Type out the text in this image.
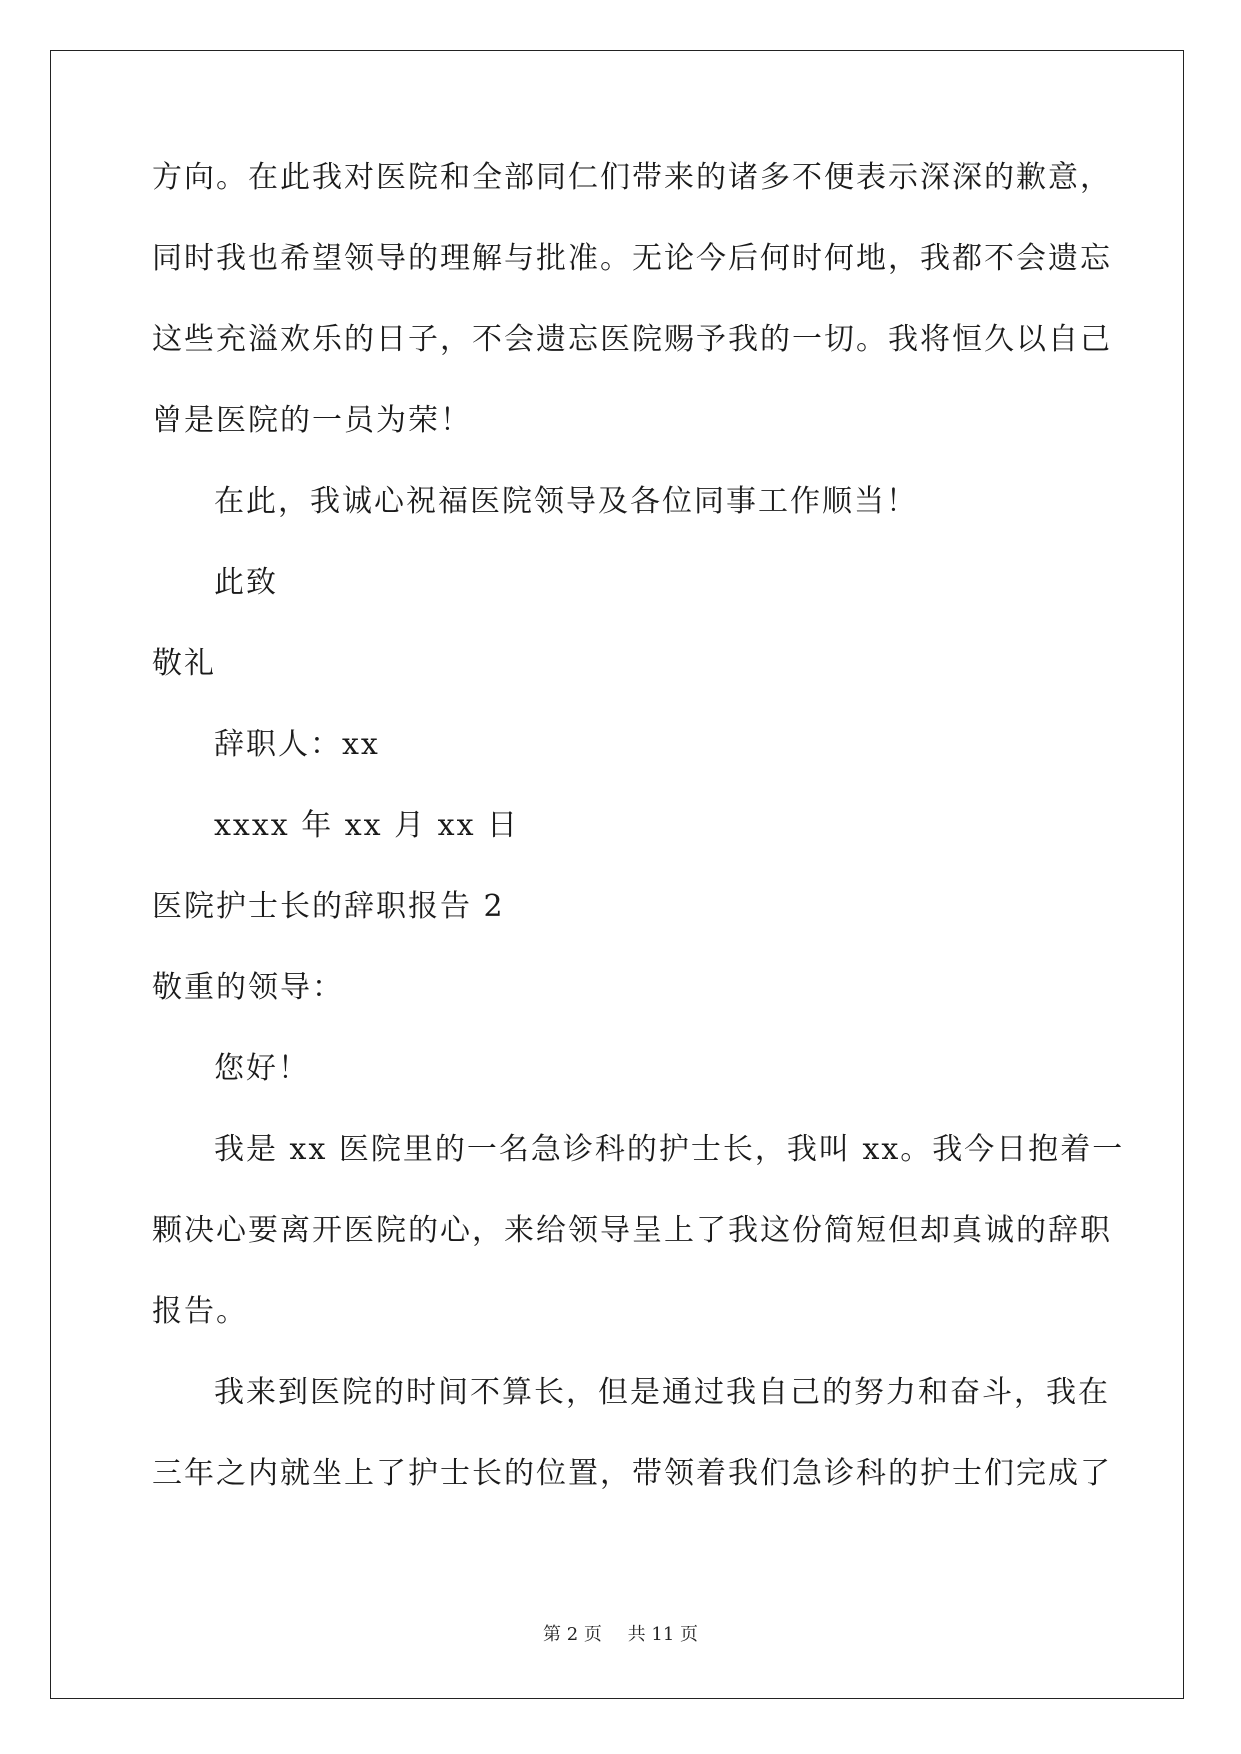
方向。在此我对医院和全部同仁们带来的诸多不便表示深深的歉意，
同时我也希望领导的理解与批准。无论今后何时何地，我都不会遗忘
这些充溢欢乐的日子，不会遗忘医院赐予我的一切。我将恒久以自己
曾是医院的一员为荣！
在此，我诚心祝福医院领导及各位同事工作顺当！
此致
敬礼
辞职人：xx
xxxx 年 xx 月 xx 日
医院护士长的辞职报告 2
敬重的领导：
您好！
我是 xx 医院里的一名急诊科的护士长，我叫 xx。我今日抱着一
颗决心要离开医院的心，来给领导呈上了我这份简短但却真诚的辞职
报告。
我来到医院的时间不算长，但是通过我自己的努力和奋斗，我在
三年之内就坐上了护士长的位置，带领着我们急诊科的护士们完成了
第 2 页 共 11 页
